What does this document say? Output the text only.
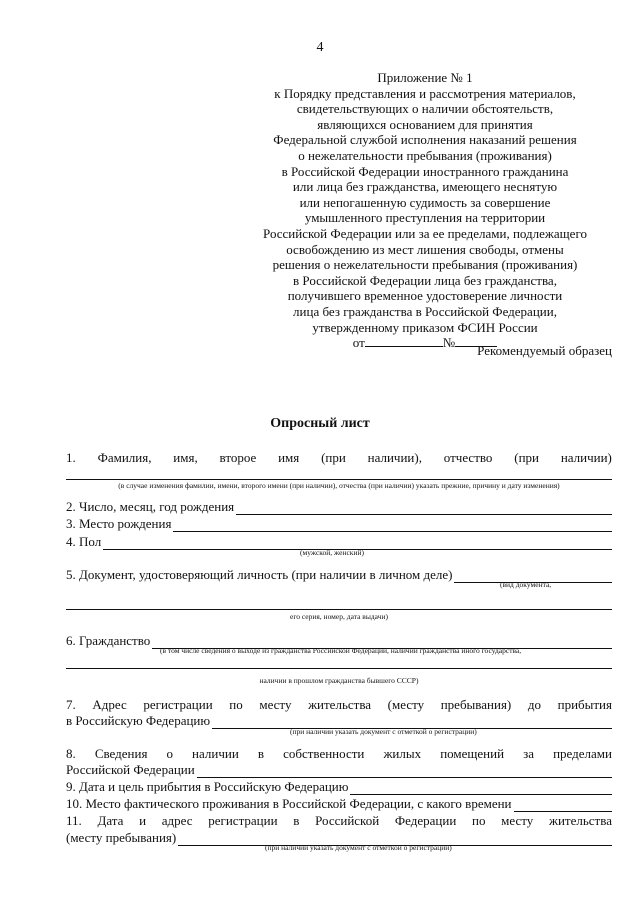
4
Приложение № 1
к Порядку представления и рассмотрения материалов,
свидетельствующих о наличии обстоятельств,
являющихся основанием для принятия
Федеральной службой исполнения наказаний решения
о нежелательности пребывания (проживания)
в Российской Федерации иностранного гражданина
или лица без гражданства, имеющего неснятую
или непогашенную судимость за совершение
умышленного преступления на территории
Российской Федерации или за ее пределами, подлежащего
освобождению из мест лишения свободы, отмены
решения о нежелательности пребывания (проживания)
в Российской Федерации лица без гражданства,
получившего временное удостоверение личности
лица без гражданства в Российской Федерации,
утвержденному приказом ФСИН России
от	№
Рекомендуемый образец
Опросный лист
1. Фамилия, имя, второе имя (при наличии), отчество (при наличии)
(в случае изменения фамилии, имени, второго имени (при наличии), отчества (при наличии) указать прежние, причину и дату изменения)
2. Число, месяц, год рождения
3. Место рождения
4. Пол
(мужской, женский)
5. Документ, удостоверяющий личность (при наличии в личном деле)
(вид документа,
его серия, номер, дата выдачи)
6. Гражданство
(в том числе сведения о выходе из гражданства Российской Федерации, наличии гражданства иного государства,
наличии в прошлом гражданства бывшего СССР)
7. Адрес регистрации по месту жительства (месту пребывания) до прибытия
в Российскую Федерацию
(при наличии указать документ с отметкой о регистрации)
8. Сведения о наличии в собственности жилых помещений за пределами
Российской Федерации
9. Дата и цель прибытия в Российскую Федерацию
10. Место фактического проживания в Российской Федерации, с какого времени
11. Дата и адрес регистрации в Российской Федерации по месту жительства
(месту пребывания)
(при наличии указать документ с отметкой о регистрации)
